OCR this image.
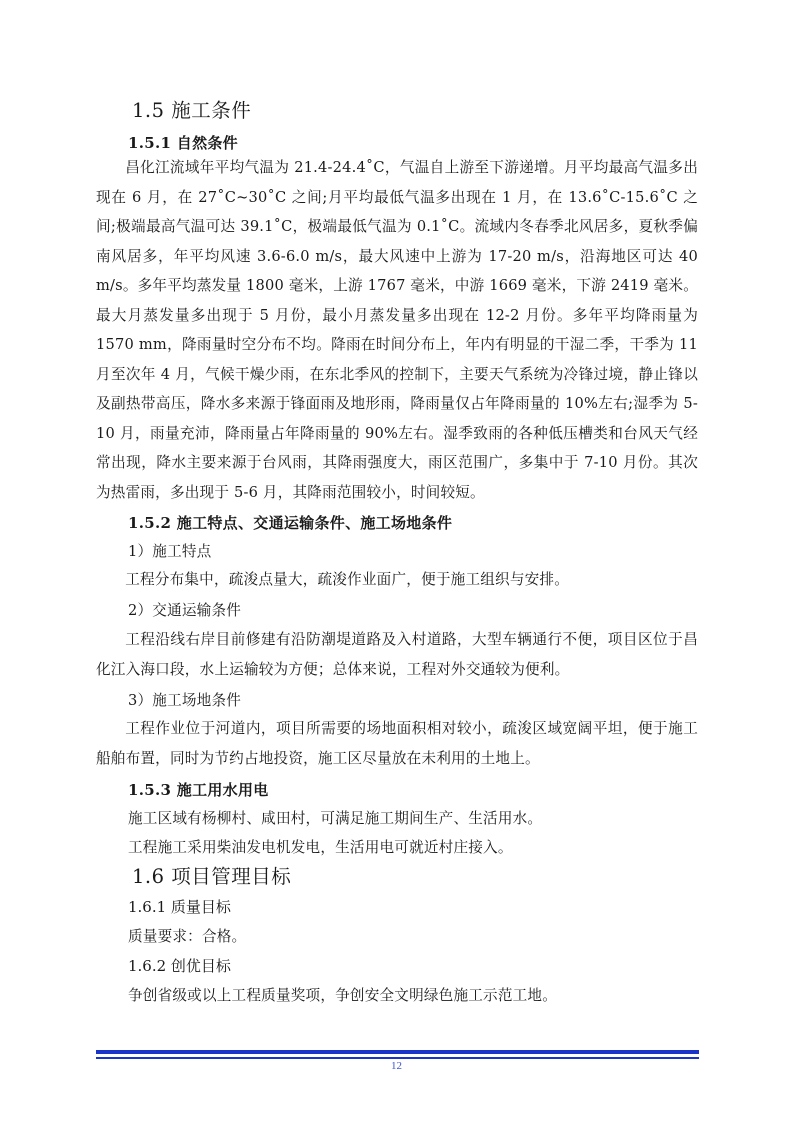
1.5 施工条件
1.5.1 自然条件

昌化江流域年平均气温为 21.4-24.4˚C，气温自上游至下游递增。月平均最高气温多出现在 6 月，在 27˚C~30˚C 之间;月平均最低气温多出现在 1 月，在 13.6˚C-15.6˚C 之间;极端最高气温可达 39.1˚C，极端最低气温为 0.1˚C。流域内冬春季北风居多，夏秋季偏南风居多，年平均风速 3.6-6.0 m/s，最大风速中上游为 17-20 m/s，沿海地区可达 40 m/s。多年平均蒸发量 1800 毫米，上游 1767 毫米，中游 1669 毫米，下游 2419 毫米。最大月蒸发量多出现于 5 月份，最小月蒸发量多出现在 12-2 月份。多年平均降雨量为 1570 mm，降雨量时空分布不均。降雨在时间分布上，年内有明显的干湿二季，干季为 11 月至次年 4 月，气候干燥少雨，在东北季风的控制下，主要天气系统为冷锋过境，静止锋以及副热带高压，降水多来源于锋面雨及地形雨，降雨量仅占年降雨量的 10%左右;湿季为 5-10 月，雨量充沛，降雨量占年降雨量的 90%左右。湿季致雨的各种低压槽类和台风天气经常出现，降水主要来源于台风雨，其降雨强度大，雨区范围广，多集中于 7-10 月份。其次为热雷雨，多出现于 5-6 月，其降雨范围较小，时间较短。

1.5.2 施工特点、交通运输条件、施工场地条件
1）施工特点

工程分布集中，疏浚点量大，疏浚作业面广，便于施工组织与安排。

2）交通运输条件

工程沿线右岸目前修建有沿防潮堤道路及入村道路，大型车辆通行不便，项目区位于昌化江入海口段，水上运输较为方便；总体来说，工程对外交通较为便利。

3）施工场地条件

工程作业位于河道内，项目所需要的场地面积相对较小，疏浚区域宽阔平坦，便于施工船舶布置，同时为节约占地投资，施工区尽量放在未利用的土地上。

1.5.3 施工用水用电
施工区域有杨柳村、咸田村，可满足施工期间生产、生活用水。
工程施工采用柴油发电机发电，生活用电可就近村庄接入。
1.6 项目管理目标
1.6.1 质量目标
质量要求：合格。
1.6.2 创优目标
争创省级或以上工程质量奖项，争创安全文明绿色施工示范工地。
12
